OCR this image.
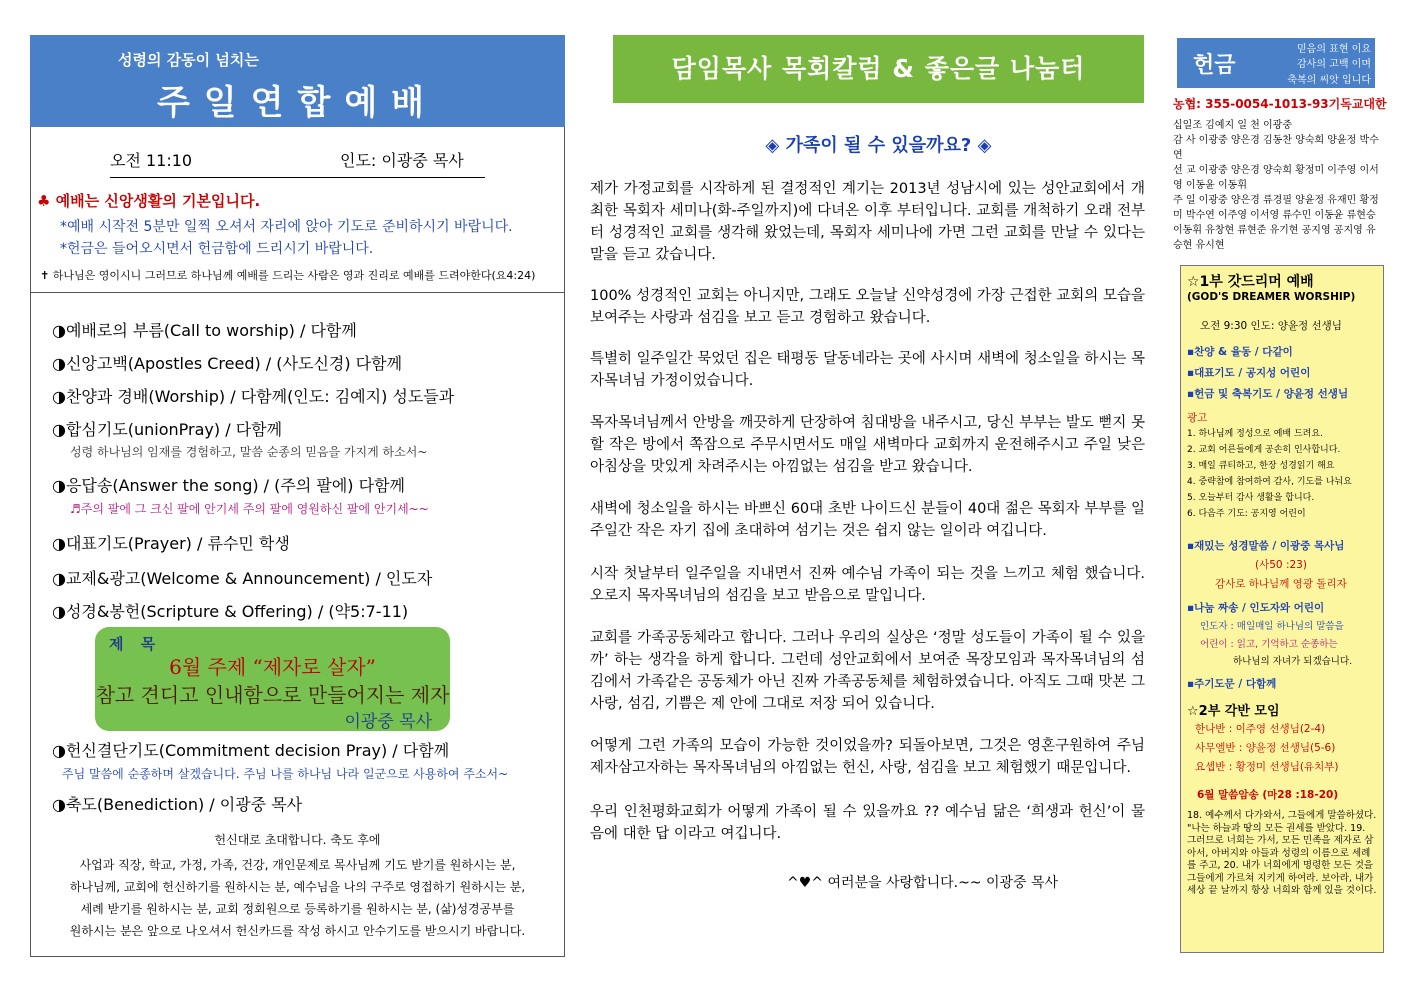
성령의 감동이 넘치는
주일연합예배
오전 11:10	인도: 이광중 목사
♣ 예배는 신앙생활의 기본입니다.
*예배 시작전 5분만 일찍 오셔서 자리에 앉아 기도로 준비하시기 바랍니다.
*헌금은 들어오시면서 헌금함에 드리시기 바랍니다.
✝ 하나님은 영이시니 그러므로 하나님께 예배를 드리는 사람은 영과 진리로 예배를 드려야한다(요4:24)
◑예배로의 부름(Call to worship) / 다함께
◑신앙고백(Apostles Creed) / (사도신경) 다함께
◑찬양과 경배(Worship) / 다함께(인도: 김예지) 성도들과
◑합심기도(unionPray) / 다함께
성령 하나님의 임재를 경험하고, 말씀 순종의 믿음을 가지게 하소서~
◑응답송(Answer the song) / (주의 팔에) 다함께
♬주의 팔에 그 크신 팔에 안기세 주의 팔에 영원하신 팔에 안기세~~
◑대표기도(Prayer) / 류수민 학생
◑교제&광고(Welcome & Announcement) / 인도자
◑성경&봉헌(Scripture & Offering) / (약5:7-11)
제 목
6월 주제 “제자로 살자”
참고 견디고 인내함으로 만들어지는 제자
이광중 목사
◑헌신결단기도(Commitment decision Pray) / 다함께
주님 말씀에 순종하며 살겠습니다. 주님 나를 하나님 나라 일군으로 사용하여 주소서~
◑축도(Benediction) / 이광중 목사
헌신대로 초대합니다. 축도 후에
사업과 직장, 학교, 가정, 가족, 건강, 개인문제로 목사님께 기도 받기를 원하시는 분,
하나님께, 교회에 헌신하기를 원하시는 분, 예수님을 나의 구주로 영접하기 원하시는 분,
세례 받기를 원하시는 분, 교회 정회원으로 등록하기를 원하시는 분, (삶)성경공부를
원하시는 분은 앞으로 나오셔서 헌신카드를 작성 하시고 안수기도를 받으시기 바랍니다.
담임목사 목회칼럼 & 좋은글 나눔터
◈ 가족이 될 수 있을까요? ◈
제가 가정교회를 시작하게 된 결정적인 계기는 2013년 성남시에 있는 성안교회에서 개최한 목회자 세미나(화-주일까지)에 다녀온 이후 부터입니다. 교회를 개척하기 오래 전부터 성경적인 교회를 생각해 왔었는데, 목회자 세미나에 가면 그런 교회를 만날 수 있다는 말을 듣고 갔습니다.
100% 성경적인 교회는 아니지만, 그래도 오늘날 신약성경에 가장 근접한 교회의 모습을 보여주는 사랑과 섬김을 보고 듣고 경험하고 왔습니다.
특별히 일주일간 묵었던 집은 태평동 달동네라는 곳에 사시며 새벽에 청소일을 하시는 목자목녀님 가정이었습니다.
목자목녀님께서 안방을 깨끗하게 단장하여 침대방을 내주시고, 당신 부부는 발도 뻗지 못할 작은 방에서 쪽잠으로 주무시면서도 매일 새벽마다 교회까지 운전해주시고 주일 낮은 아침상을 맛있게 차려주시는 아낌없는 섬김을 받고 왔습니다.
새벽에 청소일을 하시는 바쁘신 60대 초반 나이드신 분들이 40대 젊은 목회자 부부를 일주일간 작은 자기 집에 초대하여 섬기는 것은 쉽지 않는 일이라 여깁니다.
시작 첫날부터 일주일을 지내면서 진짜 예수님 가족이 되는 것을 느끼고 체험 했습니다. 오로지 목자목녀님의 섬김을 보고 받음으로 말입니다.
교회를 가족공동체라고 합니다. 그러나 우리의 실상은 ‘정말 성도들이 가족이 될 수 있을까’ 하는 생각을 하게 합니다. 그런데 성안교회에서 보여준 목장모임과 목자목녀님의 섬김에서 가족같은 공동체가 아닌 진짜 가족공동체를 체험하였습니다. 아직도 그때 맛본 그 사랑, 섬김, 기쁨은 제 안에 그대로 저장 되어 있습니다.
어떻게 그런 가족의 모습이 가능한 것이었을까? 되돌아보면, 그것은 영혼구원하여 주님 제자삼고자하는 목자목녀님의 아낌없는 헌신, 사랑, 섬김을 보고 체험했기 때문입니다.
우리 인천평화교회가 어떻게 가족이 될 수 있을까요 ?? 예수님 닮은 ‘희생과 헌신’이 물음에 대한 답 이라고 여깁니다.
^♥^ 여러분을 사랑합니다.~~ 이광중 목사
헌금
믿음의 표현 이요
감사의 고백 이며
축복의 씨앗 입니다
농협: 355-0054-1013-93기독교대한
십일조 김예지 일 천 이광중
감 사 이광중 양은경 김동찬 양숙희 양윤정 박수연
선 교 이광중 양은경 양숙희 황정미 이주영 이서영 이동윤 이동휘
주 일 이광중 양은경 류경필 양윤정 유재민 황정미 박수연 이주영 이서영 류수민 이동윤 류현승 이동휘 유창현 류현준 유기현 공지영 공지영 유승현 유시현
☆1부 갓드리머 예배
(GOD'S DREAMER WORSHIP)
오전 9:30 인도: 양윤정 선생님
▪찬양 & 율동 / 다같이
▪대표기도 / 공지성 어린이
▪헌금 및 축복기도 / 양윤정 선생님
광고
1. 하나님께 정성으로 예배 드려요.
2. 교회 어른들에게 공손히 인사합니다.
3. 매일 큐티하고, 한장 성경읽기 해요
4. 중략참에 참여하여 감사, 기도를 나눠요
5. 오늘부터 감사 생활을 합니다.
6. 다음주 기도: 공지영 어린이
▪재밌는 성경말씀 / 이광중 목사님
(사50 :23)
감사로 하나님께 영광 돌리자
▪나눔 짜송 / 인도자와 어린이
인도자 : 매일매일 하나님의 말씀을
어린이 : 읽고, 기억하고 순종하는
하나님의 자녀가 되겠습니다.
▪주기도문 / 다함께
☆2부 각반 모임
한나반 : 이주영 선생님(2-4)
사무엘반 : 양윤정 선생님(5-6)
요셉반 : 황정미 선생님(유치부)
6월 말씀암송 (마28 :18-20)
18. 예수께서 다가와서, 그들에게 말씀하셨다. "나는 하늘과 땅의 모든 권세를 받았다. 19. 그러므로 너희는 가서, 모든 민족을 제자로 삼아서, 아버지와 아들과 성령의 이름으로 세례를 주고, 20. 내가 너희에게 명령한 모든 것을 그들에게 가르쳐 지키게 하여라. 보아라, 내가 세상 끝 날까지 항상 너희와 함께 있을 것이다.
